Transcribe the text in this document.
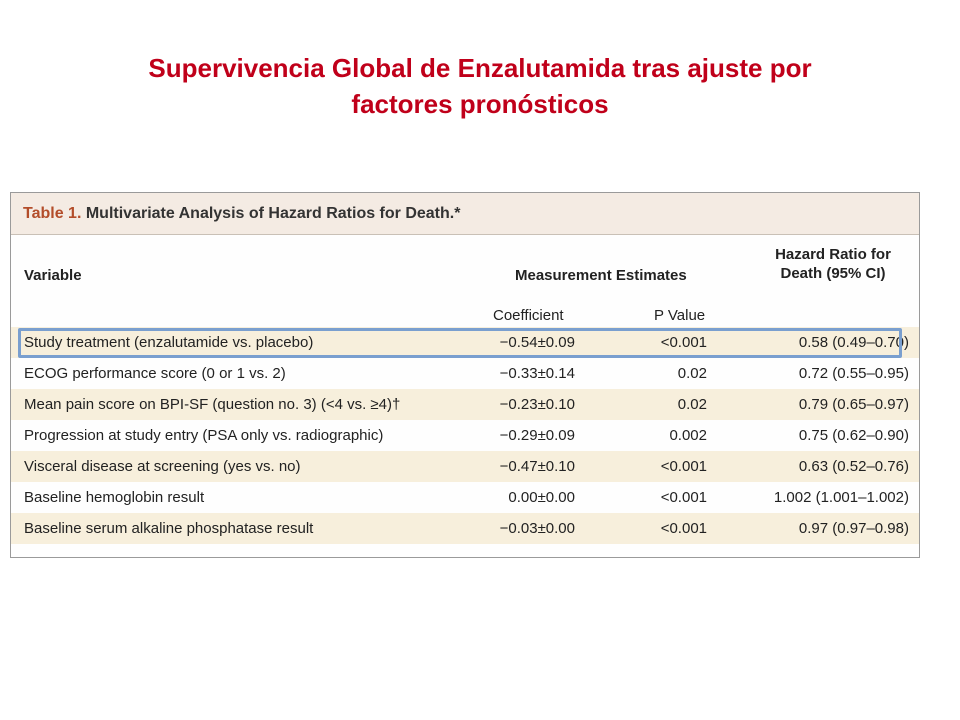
Supervivencia Global de Enzalutamida tras ajuste por
factores pronósticos
Table 1. Multivariate Analysis of Hazard Ratios for Death.*
Variable	Measurement Estimates
Hazard Ratio for
Death (95% CI)
Coefficient	P Value
Study treatment (enzalutamide vs. placebo)	−0.54±0.09	<0.001	0.58 (0.49–0.70)
ECOG performance score (0 or 1 vs. 2)	−0.33±0.14	0.02	0.72 (0.55–0.95)
Mean pain score on BPI-SF (question no. 3) (<4 vs. ≥4)†	−0.23±0.10	0.02	0.79 (0.65–0.97)
Progression at study entry (PSA only vs. radiographic)	−0.29±0.09	0.002	0.75 (0.62–0.90)
Visceral disease at screening (yes vs. no)	−0.47±0.10	<0.001	0.63 (0.52–0.76)
Baseline hemoglobin result	0.00±0.00	<0.001	1.002 (1.001–1.002)
Baseline serum alkaline phosphatase result	−0.03±0.00	<0.001	0.97 (0.97–0.98)
